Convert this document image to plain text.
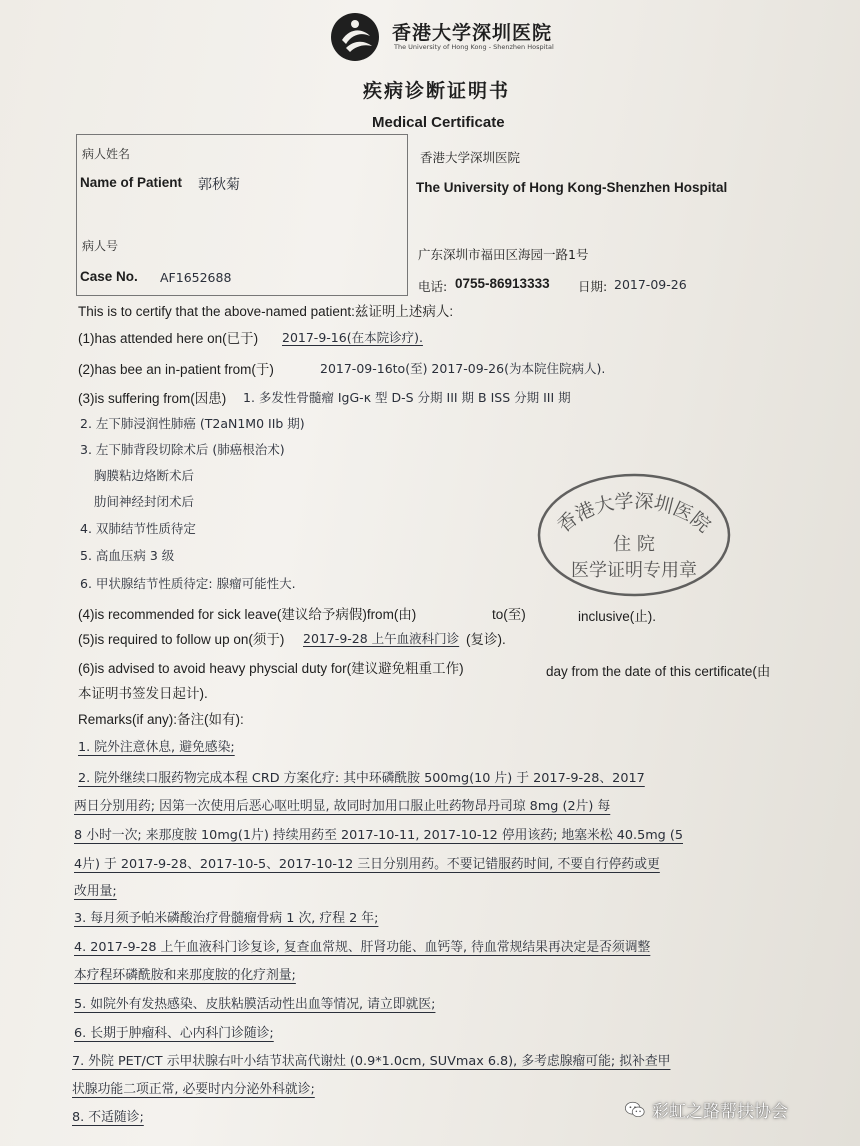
香港大学深圳医院
The University of Hong Kong - Shenzhen Hospital
疾病诊断证明书
Medical Certificate
病人姓名
Name of Patient 郭秋菊
病人号
Case No. AF1652688
香港大学深圳医院
The University of Hong Kong-Shenzhen Hospital
广东深圳市福田区海园一路1号
电话: 0755-86913333 日期: 2017-09-26
This is to certify that the above-named patient:兹证明上述病人:
(1)has attended here on(已于) 2017-9-16(在本院诊疗).
(2)has bee an in-patient from(于)	2017-09-16to(至) 2017-09-26(为本院住院病人).
(3)is suffering from(因患) 1. 多发性骨髓瘤 IgG-κ 型 D-S 分期 III 期 B ISS 分期 III 期
2. 左下肺浸润性肺癌 (T2aN1M0 IIb 期)
3. 左下肺背段切除术后 (肺癌根治术)
胸膜粘边烙断术后
肋间神经封闭术后
4. 双肺结节性质待定
5. 高血压病 3 级
6. 甲状腺结节性质待定: 腺瘤可能性大.
(4)is recommended for sick leave(建议给予病假)from(由)	to(至)	inclusive(止).
(5)is required to follow up on(须于) 2017-9-28 上午血液科门诊 (复诊).
(6)is advised to avoid heavy physcial duty for(建议避免粗重工作)	day from the date of this certificate(由
本证明书签发日起计).
Remarks(if any):备注(如有):
1. 院外注意休息, 避免感染;
2. 院外继续口服药物完成本程 CRD 方案化疗: 其中环磷酰胺 500mg(10 片) 于 2017-9-28、2017
两日分别用药; 因第一次使用后恶心呕吐明显, 故同时加用口服止吐药物昂丹司琼 8mg (2片) 每
8 小时一次; 来那度胺 10mg(1片) 持续用药至 2017-10-11, 2017-10-12 停用该药; 地塞米松 40.5mg (5
4片) 于 2017-9-28、2017-10-5、2017-10-12 三日分别用药。不要记错服药时间, 不要自行停药或更
改用量;
3. 每月须予帕米磷酸治疗骨髓瘤骨病 1 次, 疗程 2 年;
4. 2017-9-28 上午血液科门诊复诊, 复查血常规、肝肾功能、血钙等, 待血常规结果再决定是否须调整
本疗程环磷酰胺和来那度胺的化疗剂量;
5. 如院外有发热感染、皮肤粘膜活动性出血等情况, 请立即就医;
6. 长期于肿瘤科、心内科门诊随诊;
7. 外院 PET/CT 示甲状腺右叶小结节状高代谢灶 (0.9*1.0cm, SUVmax 6.8), 多考虑腺瘤可能; 拟补查甲
状腺功能二项正常, 必要时内分泌外科就诊;
8. 不适随诊;
香港大学深圳医院
住 院
医学证明专用章
彩虹之路帮扶协会
